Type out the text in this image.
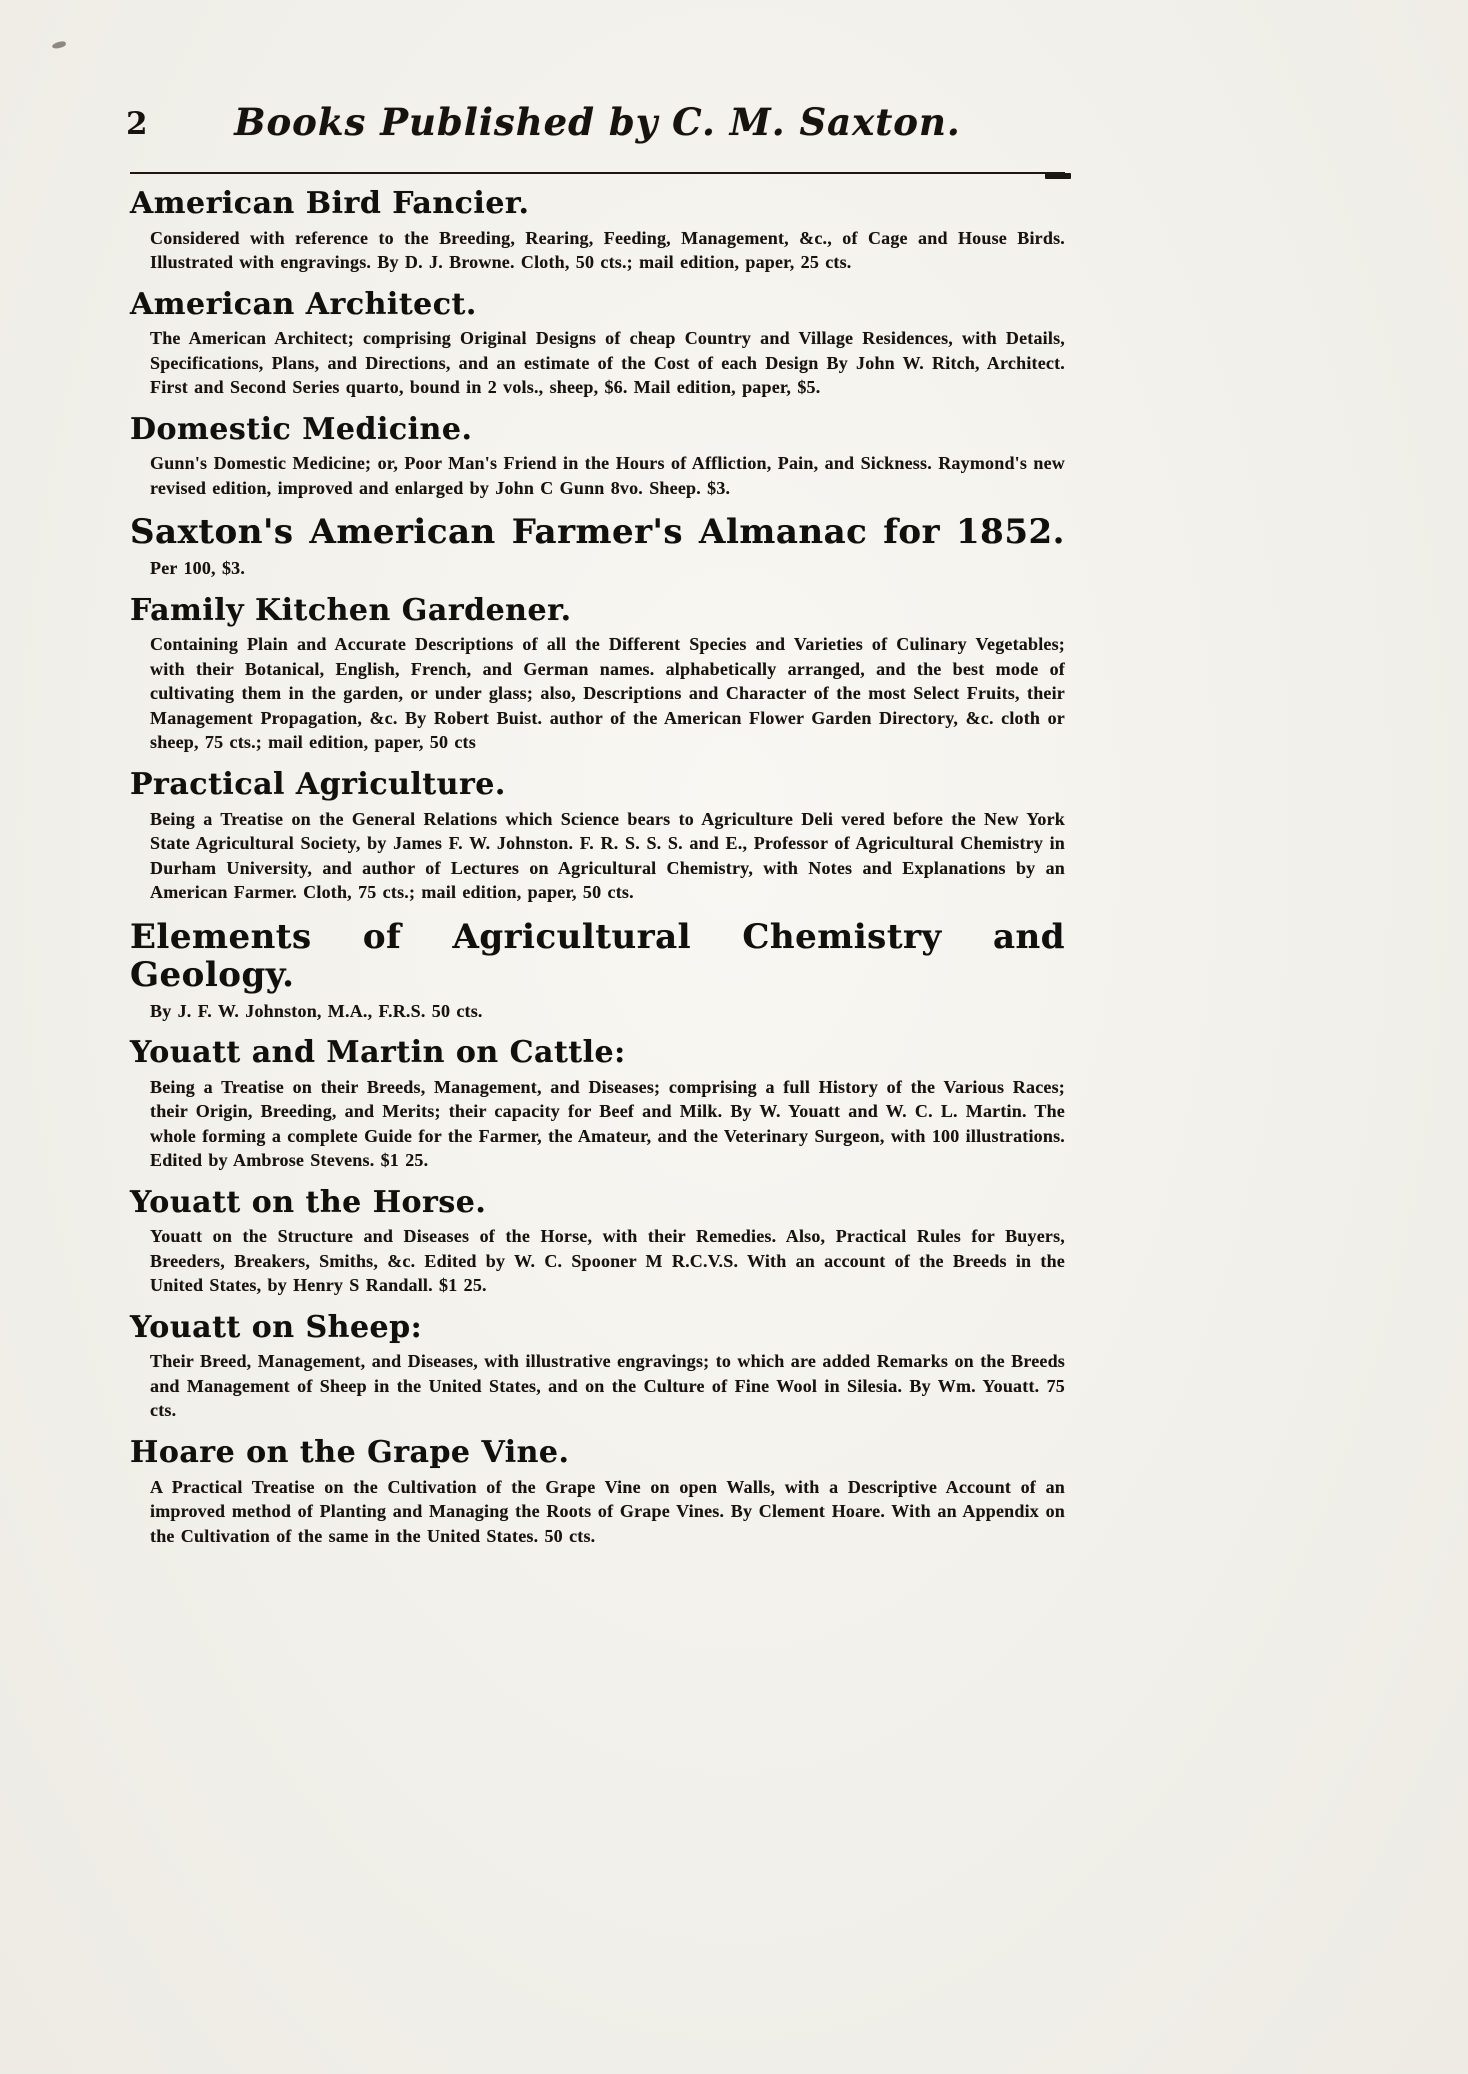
2	Books Published by C. M. Saxton.
American Bird Fancier.

Considered with reference to the Breeding, Rearing, Feeding, Management, &c., of Cage and House Birds. Illustrated with engravings. By D. J. Browne. Cloth, 50 cts.; mail edition, paper, 25 cts.

American Architect.

The American Architect; comprising Original Designs of cheap Country and Village Residences, with Details, Specifications, Plans, and Directions, and an estimate of the Cost of each Design By John W. Ritch, Architect. First and Second Series quarto, bound in 2 vols., sheep, $6. Mail edition, paper, $5.

Domestic Medicine.

Gunn's Domestic Medicine; or, Poor Man's Friend in the Hours of Affliction, Pain, and Sickness. Raymond's new revised edition, improved and enlarged by John C Gunn 8vo. Sheep. $3.

Saxton's American Farmer's Almanac for 1852.

Per 100, $3.

Family Kitchen Gardener.

Containing Plain and Accurate Descriptions of all the Different Species and Varieties of Culinary Vegetables; with their Botanical, English, French, and German names. alphabetically arranged, and the best mode of cultivating them in the garden, or under glass; also, Descriptions and Character of the most Select Fruits, their Management Propagation, &c. By Robert Buist. author of the American Flower Garden Directory, &c. cloth or sheep, 75 cts.; mail edition, paper, 50 cts

Practical Agriculture.

Being a Treatise on the General Relations which Science bears to Agriculture Deli vered before the New York State Agricultural Society, by James F. W. Johnston. F. R. S. S. S. and E., Professor of Agricultural Chemistry in Durham University, and author of Lectures on Agricultural Chemistry, with Notes and Explanations by an American Farmer. Cloth, 75 cts.; mail edition, paper, 50 cts.

Elements of Agricultural Chemistry and Geology.

By J. F. W. Johnston, M.A., F.R.S. 50 cts.

Youatt and Martin on Cattle:

Being a Treatise on their Breeds, Management, and Diseases; comprising a full History of the Various Races; their Origin, Breeding, and Merits; their capacity for Beef and Milk. By W. Youatt and W. C. L. Martin. The whole forming a complete Guide for the Farmer, the Amateur, and the Veterinary Surgeon, with 100 illustrations. Edited by Ambrose Stevens. $1 25.

Youatt on the Horse.

Youatt on the Structure and Diseases of the Horse, with their Remedies. Also, Practical Rules for Buyers, Breeders, Breakers, Smiths, &c. Edited by W. C. Spooner M R.C.V.S. With an account of the Breeds in the United States, by Henry S Randall. $1 25.

Youatt on Sheep:

Their Breed, Management, and Diseases, with illustrative engravings; to which are added Remarks on the Breeds and Management of Sheep in the United States, and on the Culture of Fine Wool in Silesia. By Wm. Youatt. 75 cts.

Hoare on the Grape Vine.

A Practical Treatise on the Cultivation of the Grape Vine on open Walls, with a Descriptive Account of an improved method of Planting and Managing the Roots of Grape Vines. By Clement Hoare. With an Appendix on the Cultivation of the same in the United States. 50 cts.
